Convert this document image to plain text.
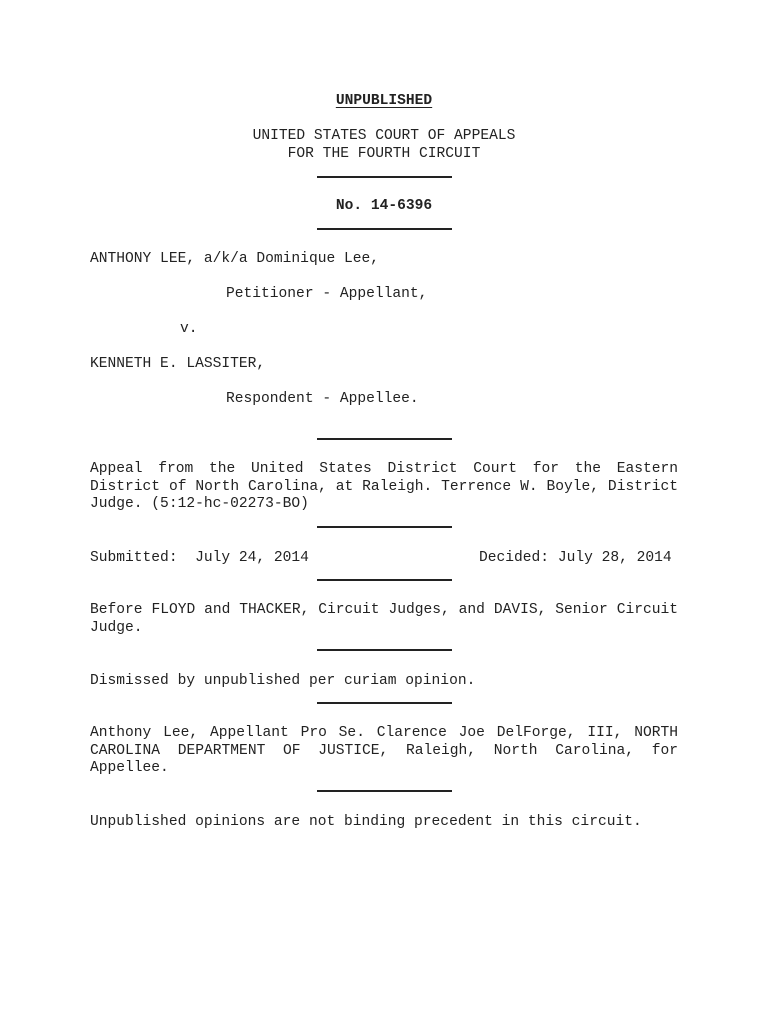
UNPUBLISHED
UNITED STATES COURT OF APPEALS
FOR THE FOURTH CIRCUIT
No. 14-6396
ANTHONY LEE, a/k/a Dominique Lee,
Petitioner - Appellant,
v.
KENNETH E. LASSITER,
Respondent - Appellee.
Appeal from the United States District Court for the Eastern District of North Carolina, at Raleigh. Terrence W. Boyle, District Judge. (5:12-hc-02273-BO)
Submitted:  July 24, 2014	Decided: July 28, 2014
Before FLOYD and THACKER, Circuit Judges, and DAVIS, Senior Circuit Judge.
Dismissed by unpublished per curiam opinion.
Anthony Lee, Appellant Pro Se. Clarence Joe DelForge, III, NORTH CAROLINA DEPARTMENT OF JUSTICE, Raleigh, North Carolina, for Appellee.
Unpublished opinions are not binding precedent in this circuit.
